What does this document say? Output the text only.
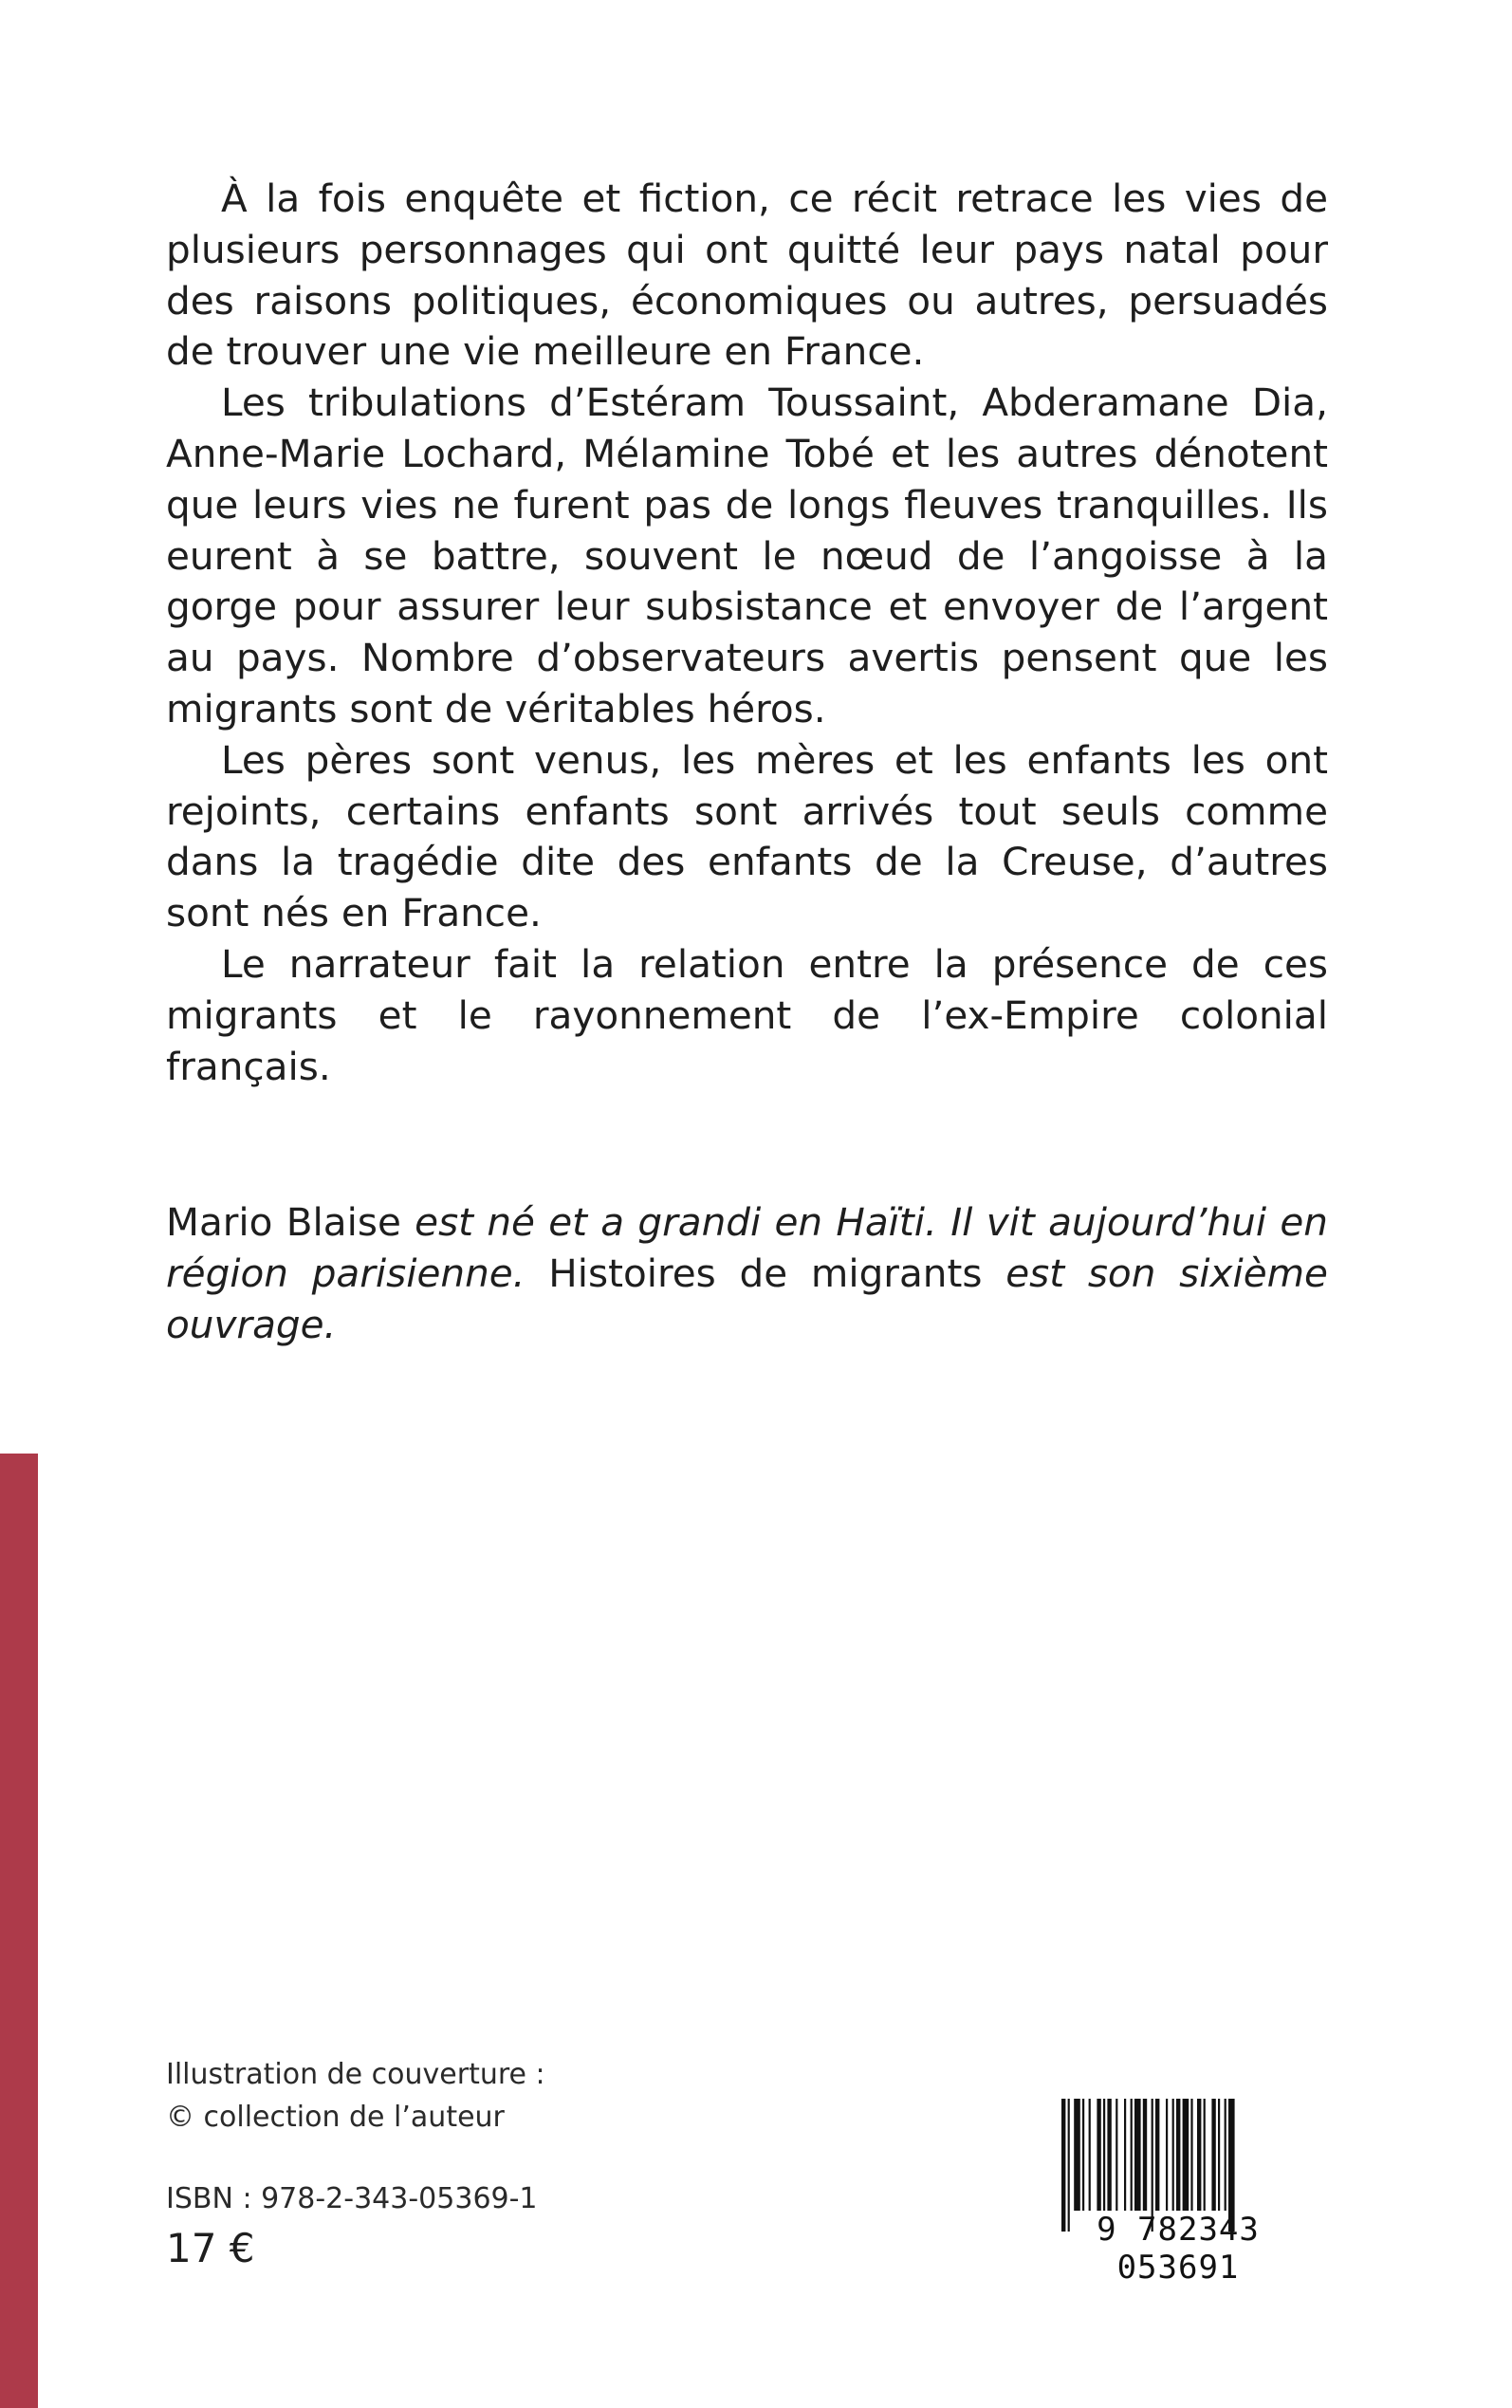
À la fois enquête et fiction, ce récit retrace les vies de plusieurs personnages qui ont quitté leur pays natal pour des raisons politiques, économiques ou autres, persuadés de trouver une vie meilleure en France.

Les tribulations d’Estéram Toussaint, Abderamane Dia, Anne-Marie Lochard, Mélamine Tobé et les autres dénotent que leurs vies ne furent pas de longs fleuves tranquilles. Ils eurent à se battre, souvent le nœud de l’angoisse à la gorge pour assurer leur subsistance et envoyer de l’argent au pays. Nombre d’observateurs avertis pensent que les migrants sont de véritables héros.

Les pères sont venus, les mères et les enfants les ont rejoints, certains enfants sont arrivés tout seuls comme dans la tragédie dite des enfants de la Creuse, d’autres sont nés en France.

Le narrateur fait la relation entre la présence de ces migrants et le rayonnement de l’ex-Empire colonial français.

Mario Blaise est né et a grandi en Haïti. Il vit aujourd’hui en région parisienne. Histoires de migrants est son sixième ouvrage.
Illustration de couverture :
© collection de l’auteur
ISBN : 978-2-343-05369-1
17 €	9 782343 053691
